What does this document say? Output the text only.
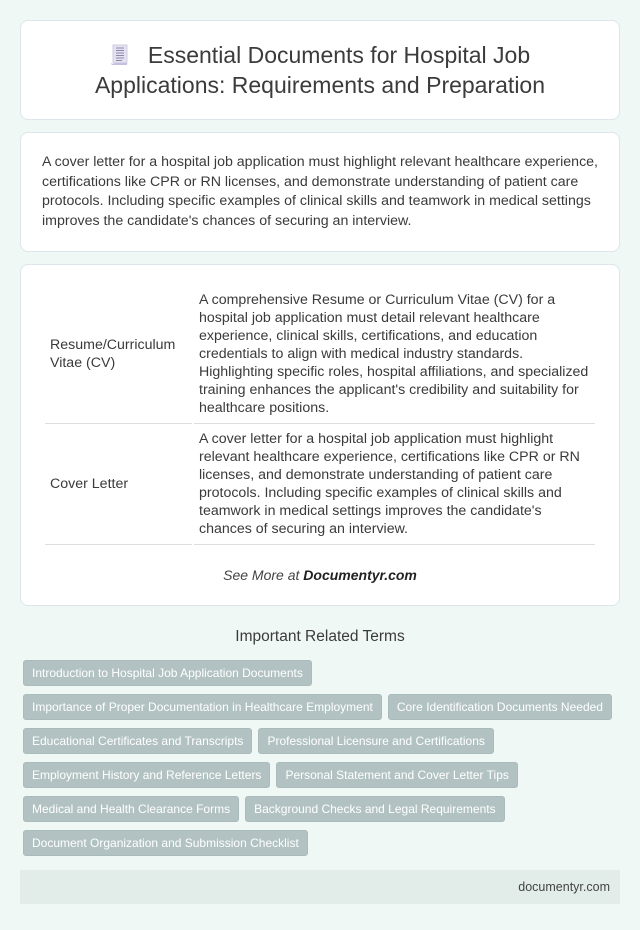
Essential Documents for Hospital Job Applications: Requirements and Preparation

A cover letter for a hospital job application must highlight relevant healthcare experience, certifications like CPR or RN licenses, and demonstrate understanding of patient care protocols. Including specific examples of clinical skills and teamwork in medical settings improves the candidate's chances of securing an interview.

Resume/Curriculum Vitae (CV)	A comprehensive Resume or Curriculum Vitae (CV) for a hospital job application must detail relevant healthcare experience, clinical skills, certifications, and education credentials to align with medical industry standards. Highlighting specific roles, hospital affiliations, and specialized training enhances the applicant's credibility and suitability for healthcare positions.
Cover Letter	A cover letter for a hospital job application must highlight relevant healthcare experience, certifications like CPR or RN licenses, and demonstrate understanding of patient care protocols. Including specific examples of clinical skills and teamwork in medical settings improves the candidate's chances of securing an interview.
See More at Documentyr.com
Important Related Terms
Introduction to Hospital Job Application Documents
Importance of Proper Documentation in Healthcare Employment	Core Identification Documents Needed
Educational Certificates and Transcripts	Professional Licensure and Certifications
Employment History and Reference Letters	Personal Statement and Cover Letter Tips
Medical and Health Clearance Forms	Background Checks and Legal Requirements
Document Organization and Submission Checklist
documentyr.com
